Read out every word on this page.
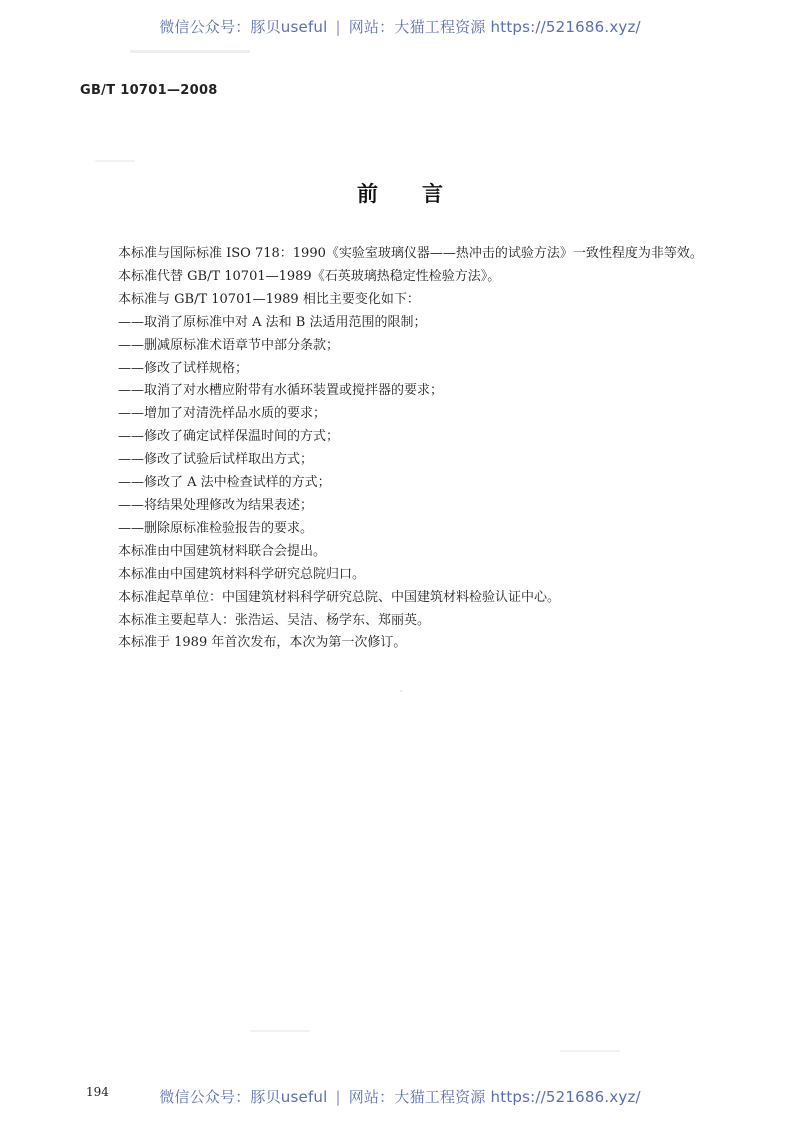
微信公众号：豚贝useful | 网站：大猫工程资源 https://521686.xyz/
GB/T 10701—2008
前言

本标准与国际标准 ISO 718：1990《实验室玻璃仪器——热冲击的试验方法》一致性程度为非等效。

本标准代替 GB/T 10701—1989《石英玻璃热稳定性检验方法》。

本标准与 GB/T 10701—1989 相比主要变化如下：

——取消了原标准中对 A 法和 B 法适用范围的限制；

——删减原标准术语章节中部分条款；

——修改了试样规格；

——取消了对水槽应附带有水循环装置或搅拌器的要求；

——增加了对清洗样品水质的要求；

——修改了确定试样保温时间的方式；

——修改了试验后试样取出方式；

——修改了 A 法中检查试样的方式；

——将结果处理修改为结果表述；

——删除原标准检验报告的要求。

本标准由中国建筑材料联合会提出。

本标准由中国建筑材料科学研究总院归口。

本标准起草单位：中国建筑材料科学研究总院、中国建筑材料检验认证中心。

本标准主要起草人：张浩运、吴洁、杨学东、郑丽英。

本标准于 1989 年首次发布，本次为第一次修订。

194	微信公众号：豚贝useful | 网站：大猫工程资源 https://521686.xyz/
